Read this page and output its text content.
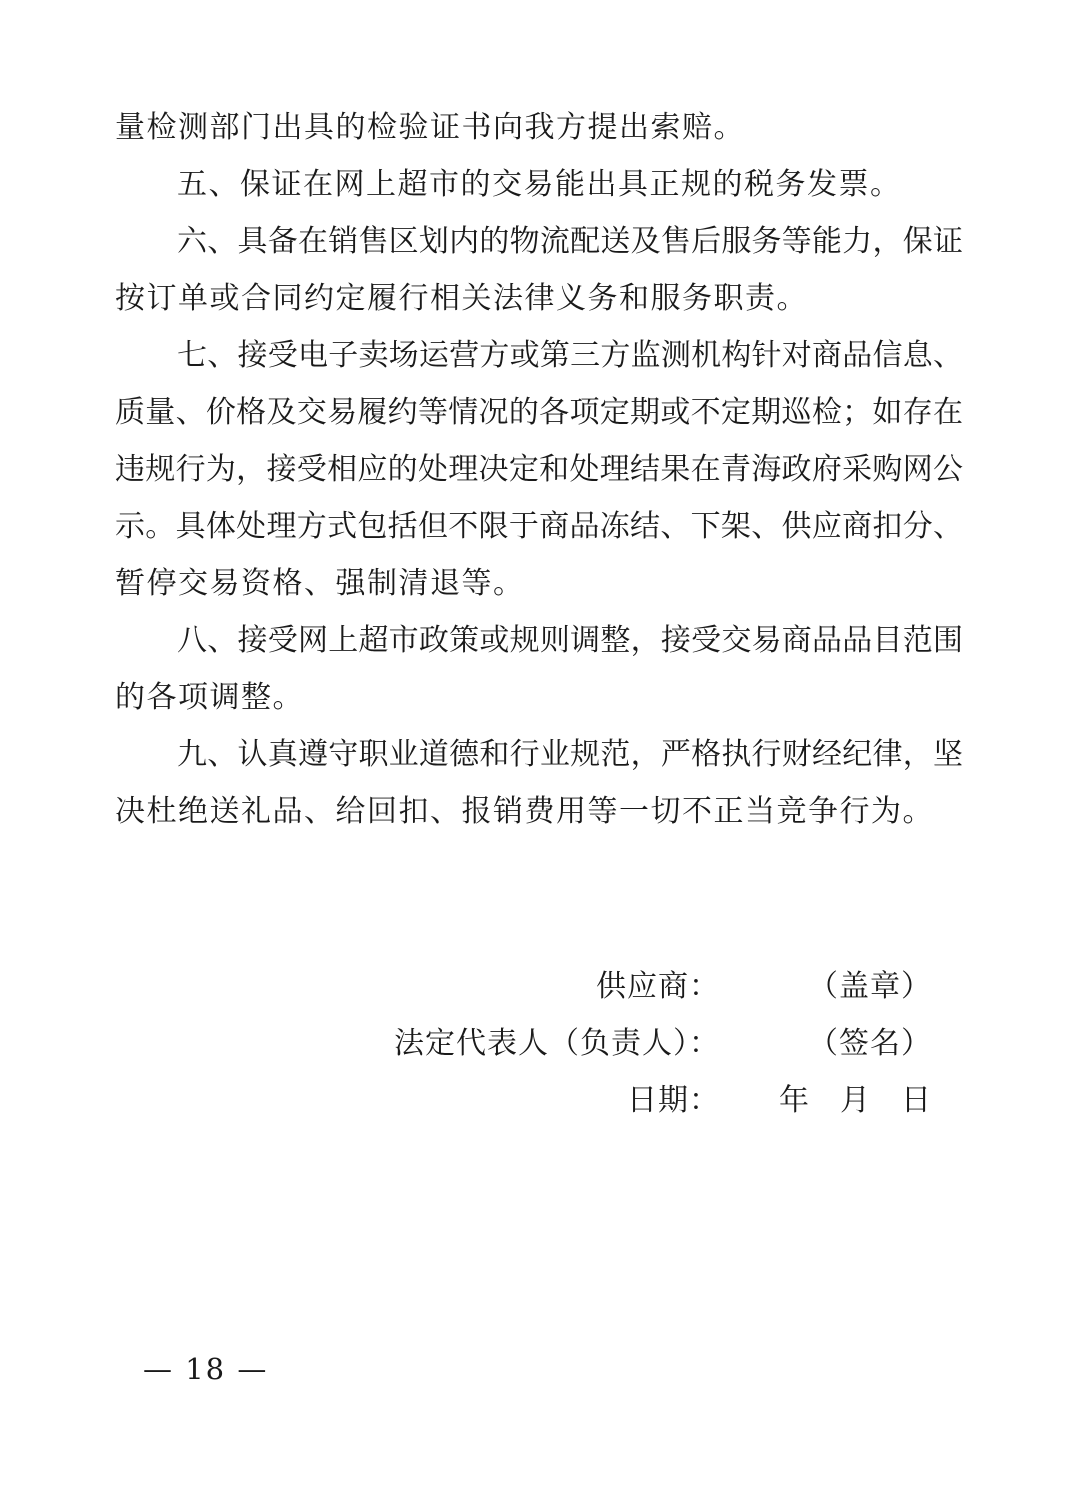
量检测部门出具的检验证书向我方提出索赔。
五、保证在网上超市的交易能出具正规的税务发票。
六、具备在销售区划内的物流配送及售后服务等能力，保证
按订单或合同约定履行相关法律义务和服务职责。
七、接受电子卖场运营方或第三方监测机构针对商品信息、
质量、价格及交易履约等情况的各项定期或不定期巡检；如存在
违规行为，接受相应的处理决定和处理结果在青海政府采购网公
示。具体处理方式包括但不限于商品冻结、下架、供应商扣分、
暂停交易资格、强制清退等。
八、接受网上超市政策或规则调整，接受交易商品品目范围
的各项调整。
九、认真遵守职业道德和行业规范，严格执行财经纪律，坚
决杜绝送礼品、给回扣、报销费用等一切不正当竞争行为。
供应商：	（盖章）
法定代表人（负责人）：	（签名）
日期： 年 月 日
— 18 —
